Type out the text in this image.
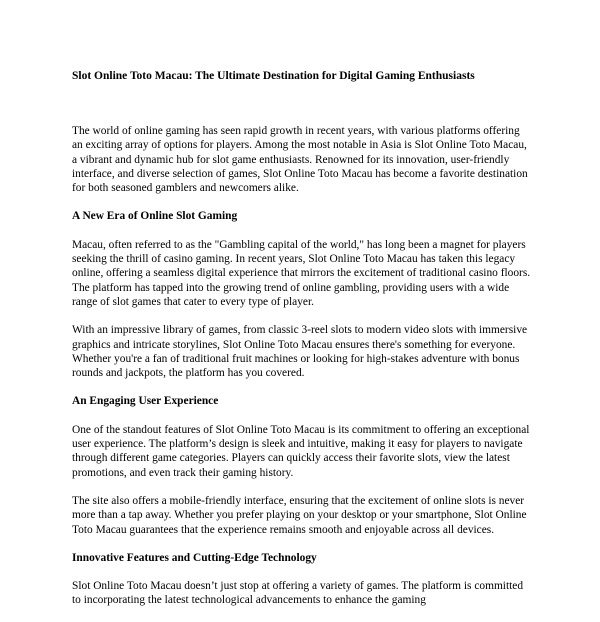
Slot Online Toto Macau: The Ultimate Destination for Digital Gaming Enthusiasts

The world of online gaming has seen rapid growth in recent years, with various platforms offering an exciting array of options for players. Among the most notable in Asia is Slot Online Toto Macau, a vibrant and dynamic hub for slot game enthusiasts. Renowned for its innovation, user-friendly interface, and diverse selection of games, Slot Online Toto Macau has become a favorite destination for both seasoned gamblers and newcomers alike.

A New Era of Online Slot Gaming

Macau, often referred to as the "Gambling capital of the world," has long been a magnet for players seeking the thrill of casino gaming. In recent years, Slot Online Toto Macau has taken this legacy online, offering a seamless digital experience that mirrors the excitement of traditional casino floors. The platform has tapped into the growing trend of online gambling, providing users with a wide range of slot games that cater to every type of player.

With an impressive library of games, from classic 3-reel slots to modern video slots with immersive graphics and intricate storylines, Slot Online Toto Macau ensures there's something for everyone. Whether you're a fan of traditional fruit machines or looking for high-stakes adventure with bonus rounds and jackpots, the platform has you covered.

An Engaging User Experience

One of the standout features of Slot Online Toto Macau is its commitment to offering an exceptional user experience. The platform’s design is sleek and intuitive, making it easy for players to navigate through different game categories. Players can quickly access their favorite slots, view the latest promotions, and even track their gaming history.

The site also offers a mobile-friendly interface, ensuring that the excitement of online slots is never more than a tap away. Whether you prefer playing on your desktop or your smartphone, Slot Online Toto Macau guarantees that the experience remains smooth and enjoyable across all devices.

Innovative Features and Cutting-Edge Technology

Slot Online Toto Macau doesn’t just stop at offering a variety of games. The platform is committed to incorporating the latest technological advancements to enhance the gaming
